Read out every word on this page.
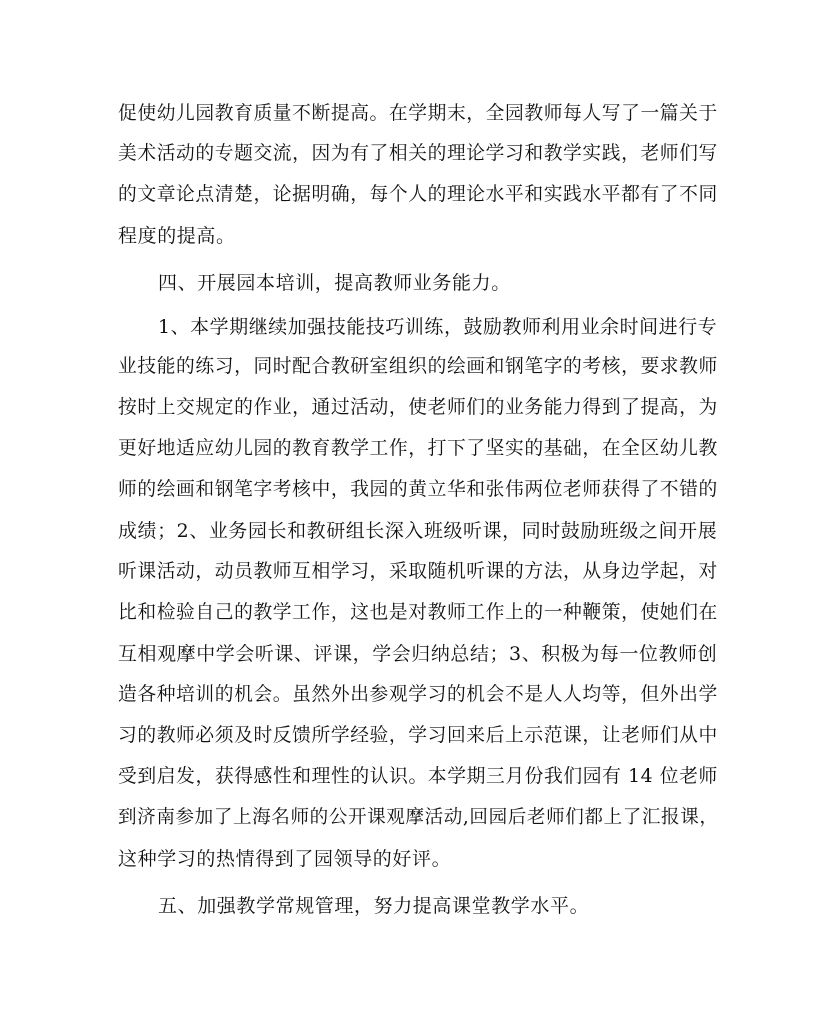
促使幼儿园教育质量不断提高。在学期末，全园教师每人写了一篇关于
美术活动的专题交流，因为有了相关的理论学习和教学实践，老师们写
的文章论点清楚，论据明确，每个人的理论水平和实践水平都有了不同
程度的提高。
四、开展园本培训，提高教师业务能力。
1、本学期继续加强技能技巧训练，鼓励教师利用业余时间进行专
业技能的练习，同时配合教研室组织的绘画和钢笔字的考核，要求教师
按时上交规定的作业，通过活动，使老师们的业务能力得到了提高，为
更好地适应幼儿园的教育教学工作，打下了坚实的基础，在全区幼儿教
师的绘画和钢笔字考核中，我园的黄立华和张伟两位老师获得了不错的
成绩；2、业务园长和教研组长深入班级听课，同时鼓励班级之间开展
听课活动，动员教师互相学习，采取随机听课的方法，从身边学起，对
比和检验自己的教学工作，这也是对教师工作上的一种鞭策，使她们在
互相观摩中学会听课、评课，学会归纳总结；3、积极为每一位教师创
造各种培训的机会。虽然外出参观学习的机会不是人人均等，但外出学
习的教师必须及时反馈所学经验，学习回来后上示范课，让老师们从中
受到启发，获得感性和理性的认识。本学期三月份我们园有 14 位老师
到济南参加了上海名师的公开课观摩活动,回园后老师们都上了汇报课，
这种学习的热情得到了园领导的好评。
五、加强教学常规管理，努力提高课堂教学水平。
